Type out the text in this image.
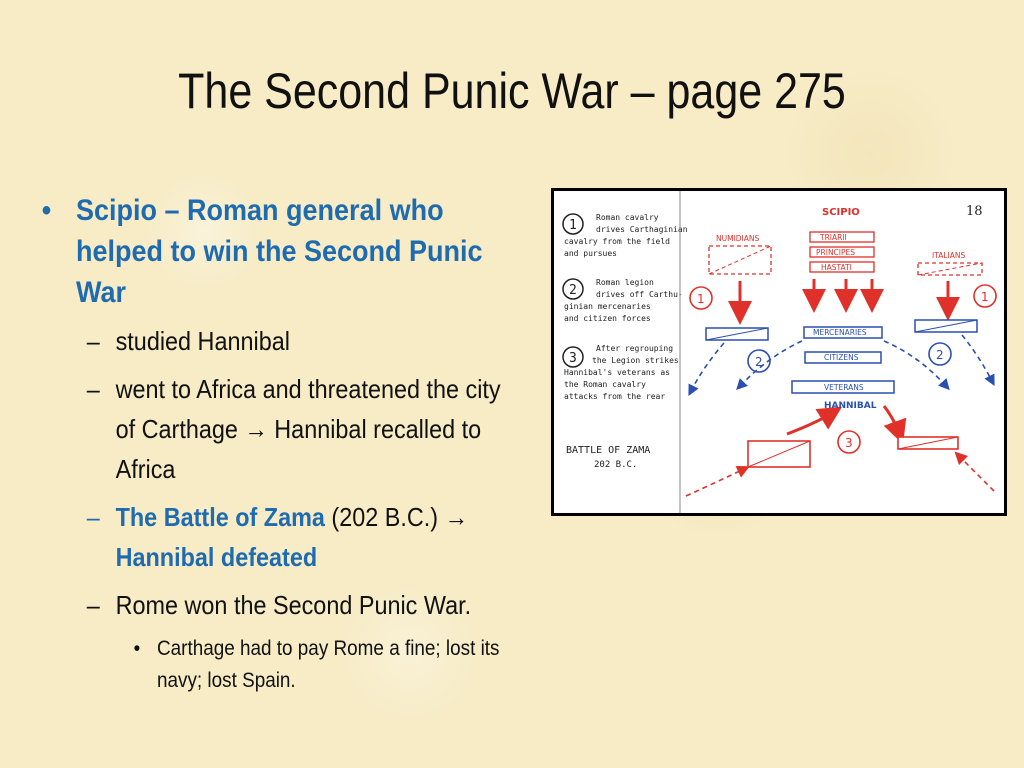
The Second Punic War – page 275
• Scipio – Roman general who helped to win the Second Punic War
– studied Hannibal
– went to Africa and threatened the city of Carthage → Hannibal recalled to Africa
– The Battle of Zama (202 B.C.) → Hannibal defeated
– Rome won the Second Punic War.
• Carthage had to pay Rome a fine; lost its navy; lost Spain.
1
Roman cavalry
drives Carthaginian
cavalry from the field
and pursues
2
Roman legion
drives off Carthu-
ginian mercenaries
and citizen forces
3
After regrouping
the Legion strikes
Hannibal's veterans as
the Roman cavalry
attacks from the rear
BATTLE OF ZAMA
202 B.C.
18
SCIPIO
TRIARII
PRINCIPES
HASTATI
NUMIDIANS
ITALIANS
1	1
3
2	2
MERCENARIES
CITIZENS
VETERANS
HANNIBAL
